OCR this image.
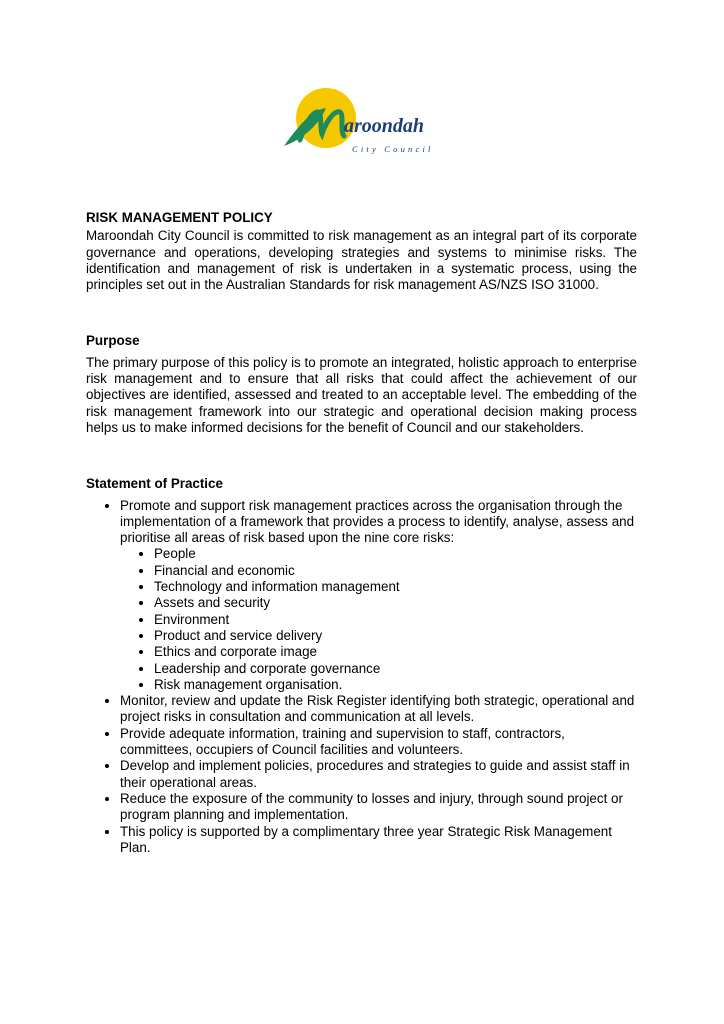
aroondah
City Council
RISK MANAGEMENT POLICY

Maroondah City Council is committed to risk management as an integral part of its corporate governance and operations, developing strategies and systems to minimise risks. The identification and management of risk is undertaken in a systematic process, using the principles set out in the Australian Standards for risk management AS/NZS ISO 31000.

Purpose

The primary purpose of this policy is to promote an integrated, holistic approach to enterprise risk management and to ensure that all risks that could affect the achievement of our objectives are identified, assessed and treated to an acceptable level. The embedding of the risk management framework into our strategic and operational decision making process helps us to make informed decisions for the benefit of Council and our stakeholders.

Statement of Practice
• Promote and support risk management practices across the organisation through the implementation of a framework that provides a process to identify, analyse, assess and prioritise all areas of risk based upon the nine core risks:
• People
• Financial and economic
• Technology and information management
• Assets and security
• Environment
• Product and service delivery
• Ethics and corporate image
• Leadership and corporate governance
• Risk management organisation.
• Monitor, review and update the Risk Register identifying both strategic, operational and project risks in consultation and communication at all levels.
• Provide adequate information, training and supervision to staff, contractors, committees, occupiers of Council facilities and volunteers.
• Develop and implement policies, procedures and strategies to guide and assist staff in their operational areas.
• Reduce the exposure of the community to losses and injury, through sound project or program planning and implementation.
• This policy is supported by a complimentary three year Strategic Risk Management Plan.
